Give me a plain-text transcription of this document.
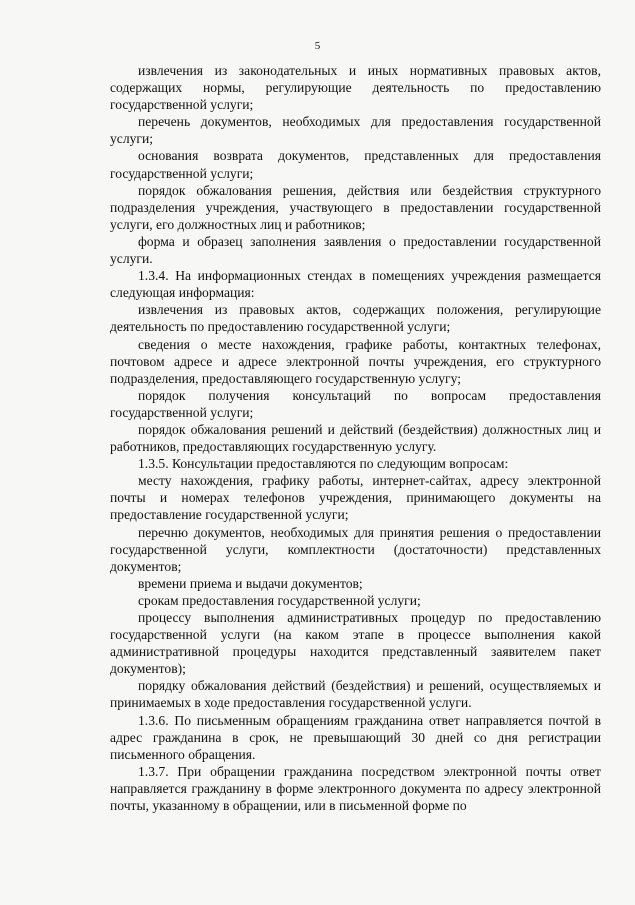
5

извлечения из законодательных и иных нормативных правовых актов, содержащих нормы, регулирующие деятельность по предоставлению государственной услуги;

перечень документов, необходимых для предоставления государственной услуги;

основания возврата документов, представленных для предоставления государственной услуги;

порядок обжалования решения, действия или бездействия структурного подразделения учреждения, участвующего в предоставлении государственной услуги, его должностных лиц и работников;

форма и образец заполнения заявления о предоставлении государственной услуги.

1.3.4. На информационных стендах в помещениях учреждения размещается следующая информация:

извлечения из правовых актов, содержащих положения, регулирующие деятельность по предоставлению государственной услуги;

сведения о месте нахождения, графике работы, контактных телефонах, почтовом адресе и адресе электронной почты учреждения, его структурного подразделения, предоставляющего государственную услугу;

порядок получения консультаций по вопросам предоставления государственной услуги;

порядок обжалования решений и действий (бездействия) должностных лиц и работников, предоставляющих государственную услугу.

1.3.5. Консультации предоставляются по следующим вопросам:

месту нахождения, графику работы, интернет-сайтах, адресу электронной почты и номерах телефонов учреждения, принимающего документы на предоставление государственной услуги;

перечню документов, необходимых для принятия решения о предоставлении государственной услуги, комплектности (достаточности) представленных документов;

времени приема и выдачи документов;

срокам предоставления государственной услуги;

процессу выполнения административных процедур по предоставлению государственной услуги (на каком этапе в процессе выполнения какой административной процедуры находится представленный заявителем пакет документов);

порядку обжалования действий (бездействия) и решений, осуществляемых и принимаемых в ходе предоставления государственной услуги.

1.3.6. По письменным обращениям гражданина ответ направляется почтой в адрес гражданина в срок, не превышающий 30 дней со дня регистрации письменного обращения.

1.3.7. При обращении гражданина посредством электронной почты ответ направляется гражданину в форме электронного документа по адресу электронной почты, указанному в обращении, или в письменной форме по
